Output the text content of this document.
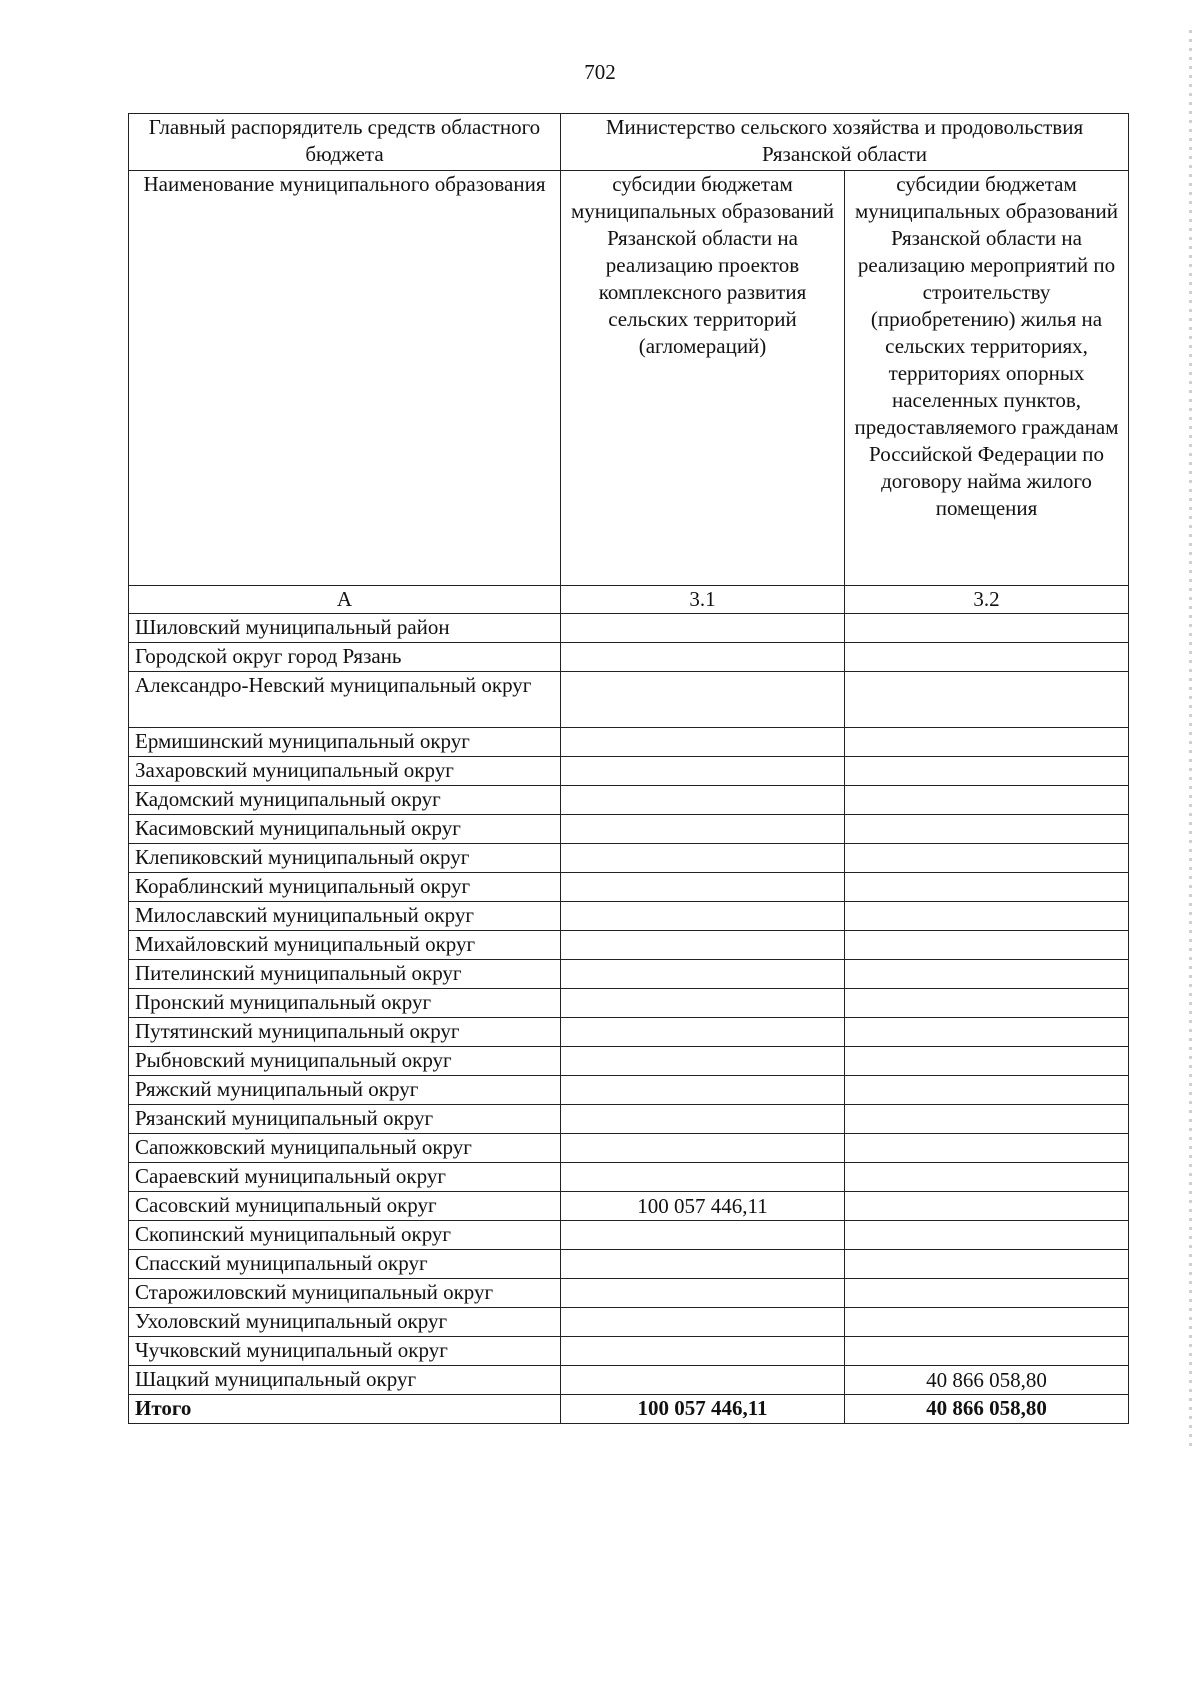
702
Главный распорядитель средств областного бюджета	Министерство сельского хозяйства и продовольствия Рязанской области	
Наименование муниципального образования	субсидии бюджетам муниципальных образований Рязанской области на реализацию проектов комплексного развития сельских территорий (агломераций)	субсидии бюджетам муниципальных образований Рязанской области на реализацию мероприятий по строительству (приобретению) жилья на сельских территориях, территориях опорных населенных пунктов, предоставляемого гражданам Российской Федерации по договору найма жилого помещения
А	3.1	3.2
Шиловский муниципальный район		
Городской округ город Рязань		
Александро-Невский муниципальный округ		
Ермишинский муниципальный округ		
Захаровский муниципальный округ		
Кадомский муниципальный округ		
Касимовский муниципальный округ		
Клепиковский муниципальный округ		
Кораблинский муниципальный округ		
Милославский муниципальный округ		
Михайловский муниципальный округ		
Пителинский муниципальный округ		
Пронский муниципальный округ		
Путятинский муниципальный округ		
Рыбновский муниципальный округ		
Ряжский муниципальный округ		
Рязанский муниципальный округ		
Сапожковский муниципальный округ		
Сараевский муниципальный округ		
Сасовский муниципальный округ	100 057 446,11	
Скопинский муниципальный округ		
Спасский муниципальный округ		
Старожиловский муниципальный округ		
Ухоловский муниципальный округ		
Чучковский муниципальный округ		
Шацкий муниципальный округ		40 866 058,80
Итого	100 057 446,11	40 866 058,80
